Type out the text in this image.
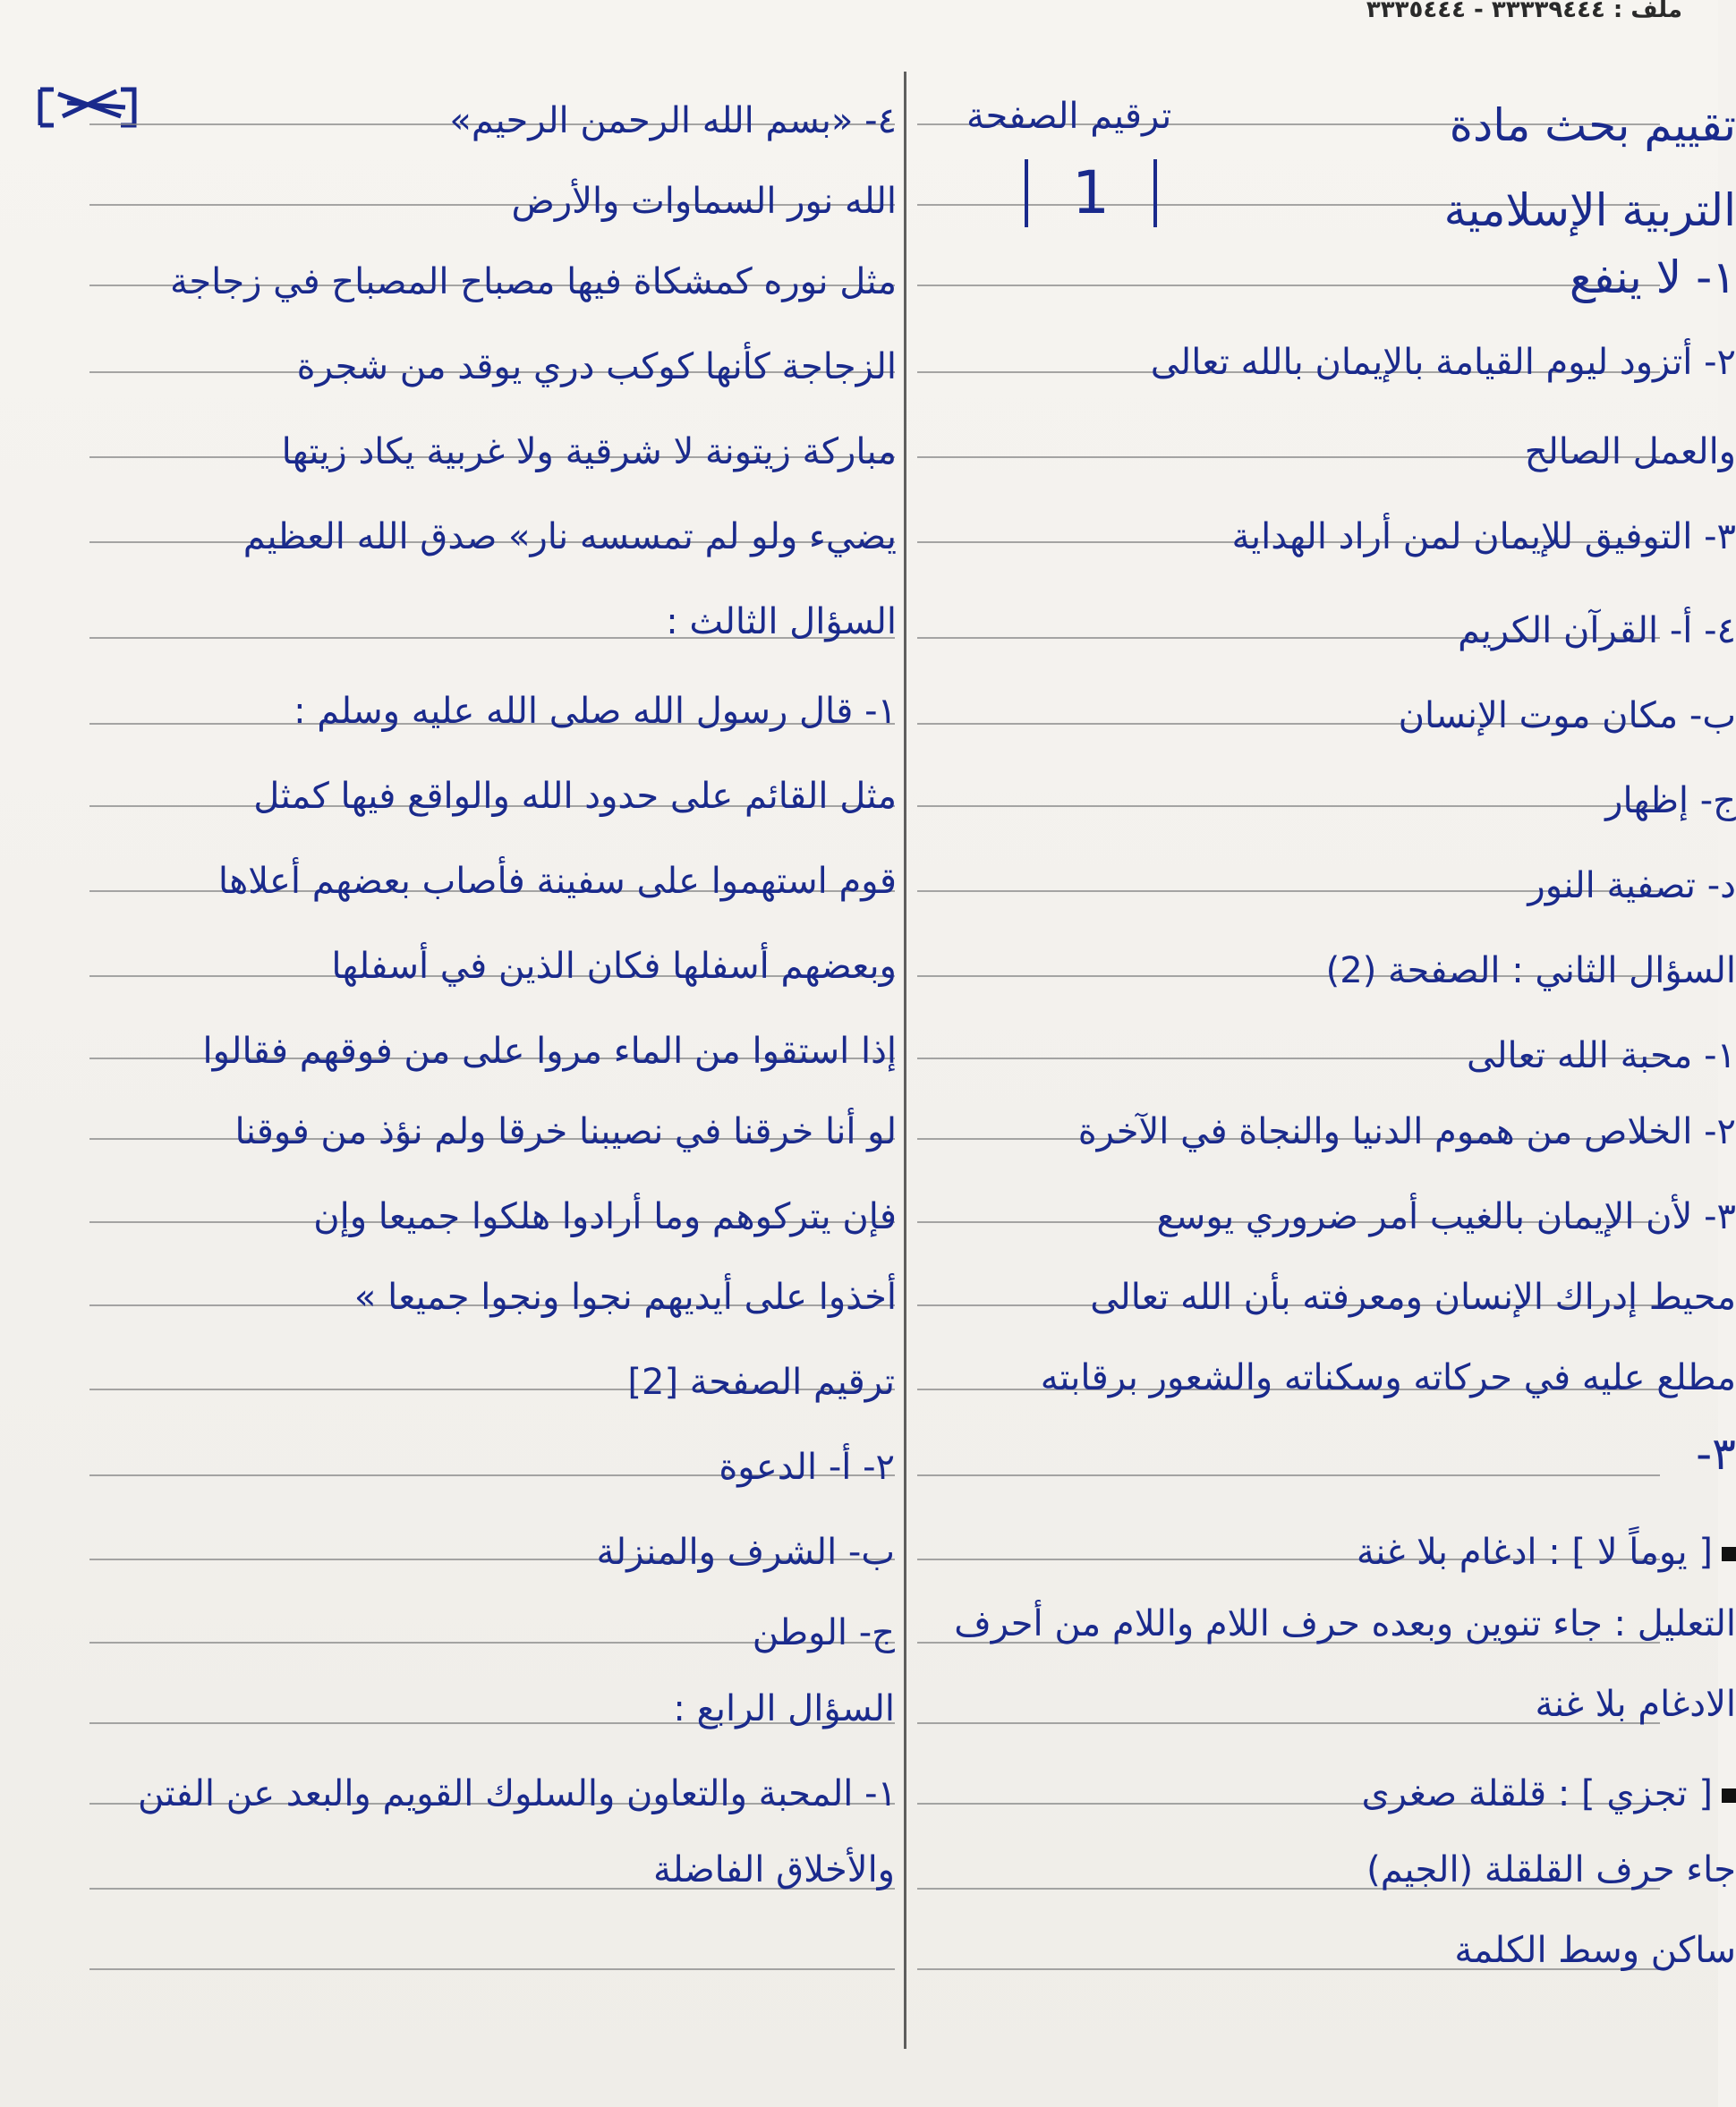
ملف : ٣٣٣٣٩٤٤٤ - ٣٣٣٥٤٤٤
تقييم بحث مادة
ترقيم الصفحة
التربية الإسلامية
1
١- لا ينفع
٢- أتزود ليوم القيامة بالإيمان بالله تعالى
والعمل الصالح
٣- التوفيق للإيمان لمن أراد الهداية
٤- أ- القرآن الكريم
ب- مكان موت الإنسان
ج- إظهار
د- تصفية النور
السؤال الثاني : الصفحة (2)
١- محبة الله تعالى
٢- الخلاص من هموم الدنيا والنجاة في الآخرة
٣- لأن الإيمان بالغيب أمر ضروري يوسع
محيط إدراك الإنسان ومعرفته بأن الله تعالى
مطلع عليه في حركاته وسكناته والشعور برقابته
٣-
[ يوماً لا ] : ادغام بلا غنة
التعليل : جاء تنوين وبعده حرف اللام واللام من أحرف
الادغام بلا غنة
[ تجزي ] : قلقلة صغرى
جاء حرف القلقلة (الجيم)
ساكن وسط الكلمة
٤- «بسم الله الرحمن الرحيم»
الله نور السماوات والأرض
مثل نوره كمشكاة فيها مصباح المصباح في زجاجة
الزجاجة كأنها كوكب دري يوقد من شجرة
مباركة زيتونة لا شرقية ولا غربية يكاد زيتها
يضيء ولو لم تمسسه نار» صدق الله العظيم
السؤال الثالث :
١- قال رسول الله صلى الله عليه وسلم :
مثل القائم على حدود الله والواقع فيها كمثل
قوم استهموا على سفينة فأصاب بعضهم أعلاها
وبعضهم أسفلها فكان الذين في أسفلها
إذا استقوا من الماء مروا على من فوقهم فقالوا
لو أنا خرقنا في نصيبنا خرقا ولم نؤذ من فوقنا
فإن يتركوهم وما أرادوا هلكوا جميعا وإن
أخذوا على أيديهم نجوا ونجوا جميعا »
ترقيم الصفحة [2]
٢- أ- الدعوة
ب- الشرف والمنزلة
ج- الوطن
السؤال الرابع :
١- المحبة والتعاون والسلوك القويم والبعد عن الفتن
والأخلاق الفاضلة
